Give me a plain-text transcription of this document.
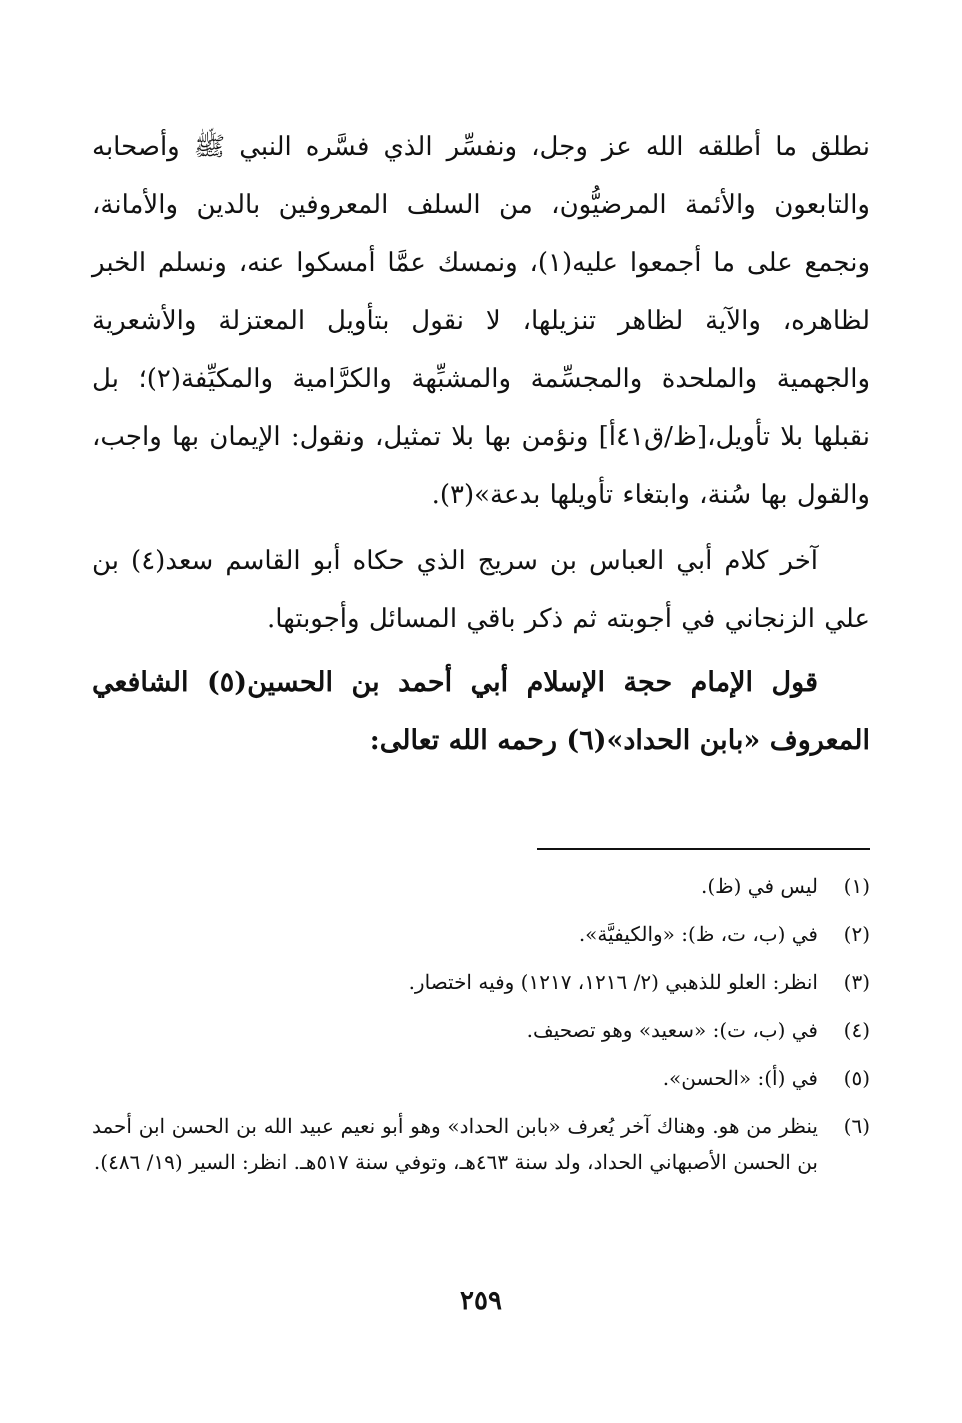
نطلق ما أطلقه الله عز وجل، ونفسِّر الذي فسَّره النبي ﷺ وأصحابه والتابعون والأئمة المرضيُّون، من السلف المعروفين بالدين والأمانة، ونجمع على ما أجمعوا عليه(١)، ونمسك عمَّا أمسكوا عنه، ونسلم الخبر لظاهره، والآية لظاهر تنزيلها، لا نقول بتأويل المعتزلة والأشعرية والجهمية والملحدة والمجسِّمة والمشبِّهة والكرَّامية والمكيِّفة(٢)؛ بل نقبلها بلا تأويل،[ظ/ق٤١أ] ونؤمن بها بلا تمثيل، ونقول: الإيمان بها واجب، والقول بها سُنة، وابتغاء تأويلها بدعة»(٣).

آخر كلام أبي العباس بن سريج الذي حكاه أبو القاسم سعد(٤) بن علي الزنجاني في أجوبته ثم ذكر باقي المسائل وأجوبتها.

قول الإمام حجة الإسلام أبي أحمد بن الحسين(٥) الشافعي المعروف «بابن الحداد»(٦) رحمه الله تعالى:

(١)
ليس في (ظ).
(٢)
في (ب، ت، ظ): «والكيفيَّة».
(٣)
انظر: العلو للذهبي (٢/ ١٢١٦، ١٢١٧) وفيه اختصار.
(٤)
في (ب، ت): «سعيد» وهو تصحيف.
(٥)
في (أ): «الحسن».
(٦)
ينظر من هو. وهناك آخر يُعرف «بابن الحداد» وهو أبو نعيم عبيد الله بن الحسن ابن أحمد بن الحسن الأصبهاني الحداد، ولد سنة ٤٦٣هـ، وتوفي سنة ٥١٧هـ. انظر: السير (١٩/ ٤٨٦).
٢٥٩
